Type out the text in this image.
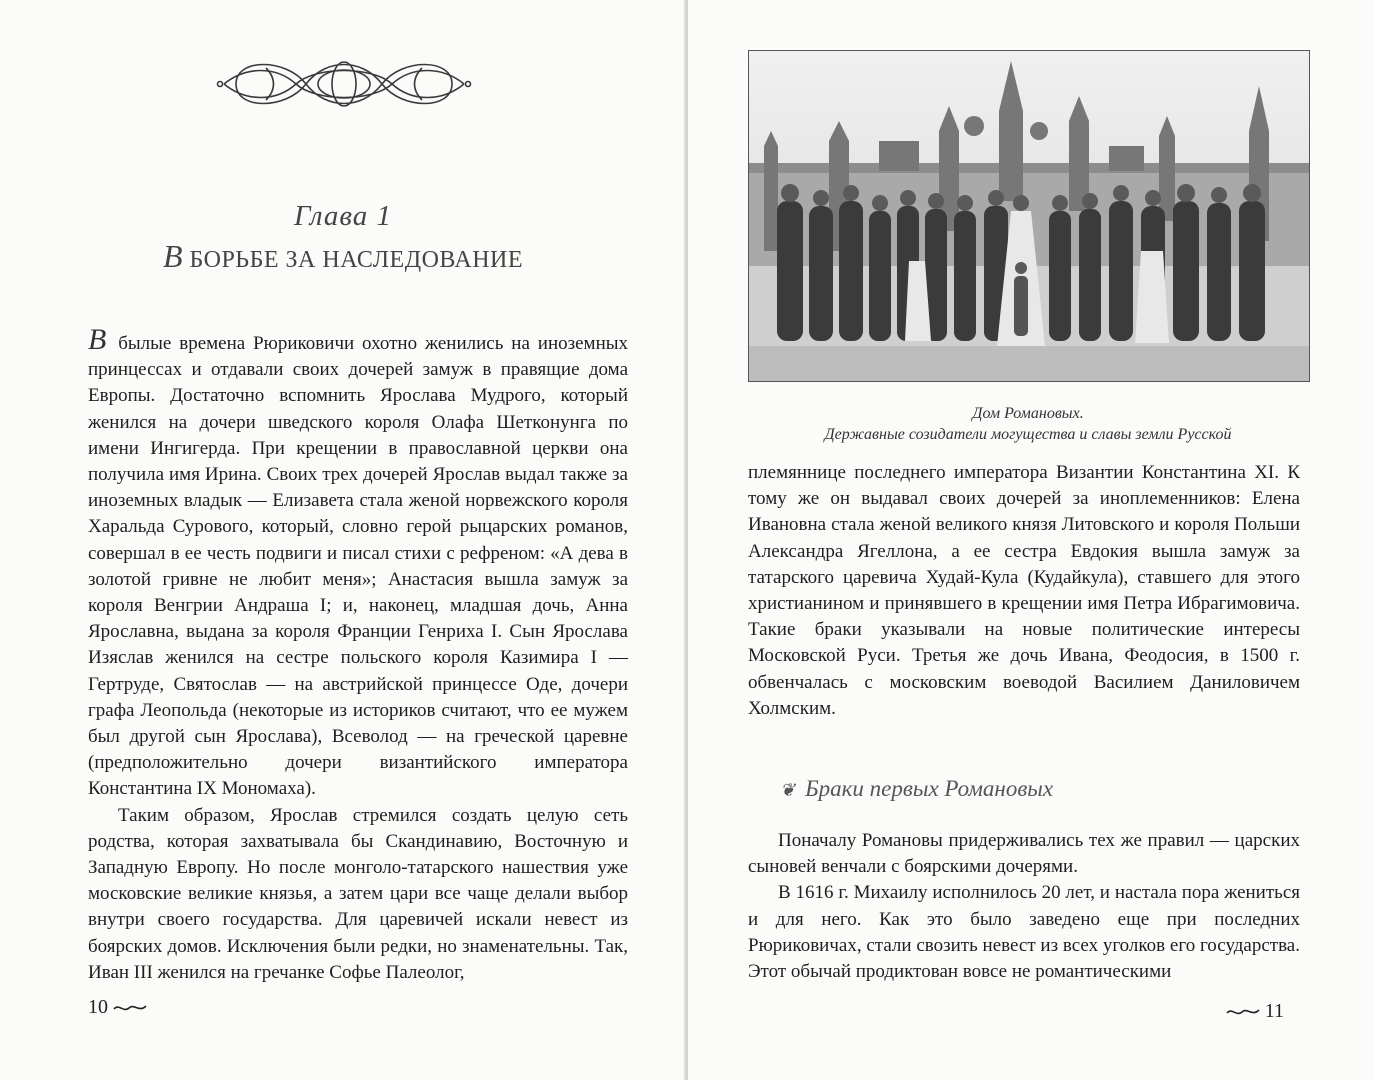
Глава 1
В БОРЬБЕ ЗА НАСЛЕДОВАНИЕ

В былые времена Рюриковичи охотно женились на иноземных принцессах и отдавали своих дочерей замуж в правящие дома Европы. Достаточно вспомнить Ярослава Мудрого, который женился на дочери шведского короля Олафа Шетконунга по имени Ингигерда. При крещении в православной церкви она получила имя Ирина. Своих трех дочерей Ярослав выдал также за иноземных владык — Елизавета стала женой норвежского короля Харальда Сурового, который, словно герой рыцарских романов, совершал в ее честь подвиги и писал стихи с рефреном: «А дева в золотой гривне не любит меня»; Анастасия вышла замуж за короля Венгрии Андраша I; и, наконец, младшая дочь, Анна Ярославна, выдана за короля Франции Генриха I. Сын Ярослава Изяслав женился на сестре польского короля Казимира I — Гертруде, Святослав — на австрийской принцессе Оде, дочери графа Леопольда (некоторые из историков считают, что ее мужем был другой сын Ярослава), Всеволод — на греческой царевне (предположительно дочери византийского императора Константина IX Мономаха).

Таким образом, Ярослав стремился создать целую сеть родства, которая захватывала бы Скандинавию, Восточную и Западную Европу. Но после монголо-татарского нашествия уже московские великие князья, а затем цари все чаще делали выбор внутри своего государства. Для царевичей искали невест из боярских домов. Исключения были редки, но знаменательны. Так, Иван III женился на гречанке Софье Палеолог,

10
Дом Романовых.
Державные созидатели могущества и славы земли Русской

племяннице последнего императора Византии Константина XI. К тому же он выдавал своих дочерей за иноплеменников: Елена Ивановна стала женой великого князя Литовского и короля Польши Александра Ягеллона, а ее сестра Евдокия вышла замуж за татарского царевича Худай-Кула (Кудайкула), ставшего для этого христианином и принявшего в крещении имя Петра Ибрагимовича. Такие браки указывали на новые политические интересы Московской Руси. Третья же дочь Ивана, Феодосия, в 1500 г. обвенчалась с московским воеводой Василием Даниловичем Холмским.

❦ Браки первых Романовых

Поначалу Романовы придерживались тех же правил — царских сыновей венчали с боярскими дочерями.

В 1616 г. Михаилу исполнилось 20 лет, и настала пора жениться и для него. Как это было заведено еще при последних Рюриковичах, стали свозить невест из всех уголков его государства. Этот обычай продиктован вовсе не романтическими

11
